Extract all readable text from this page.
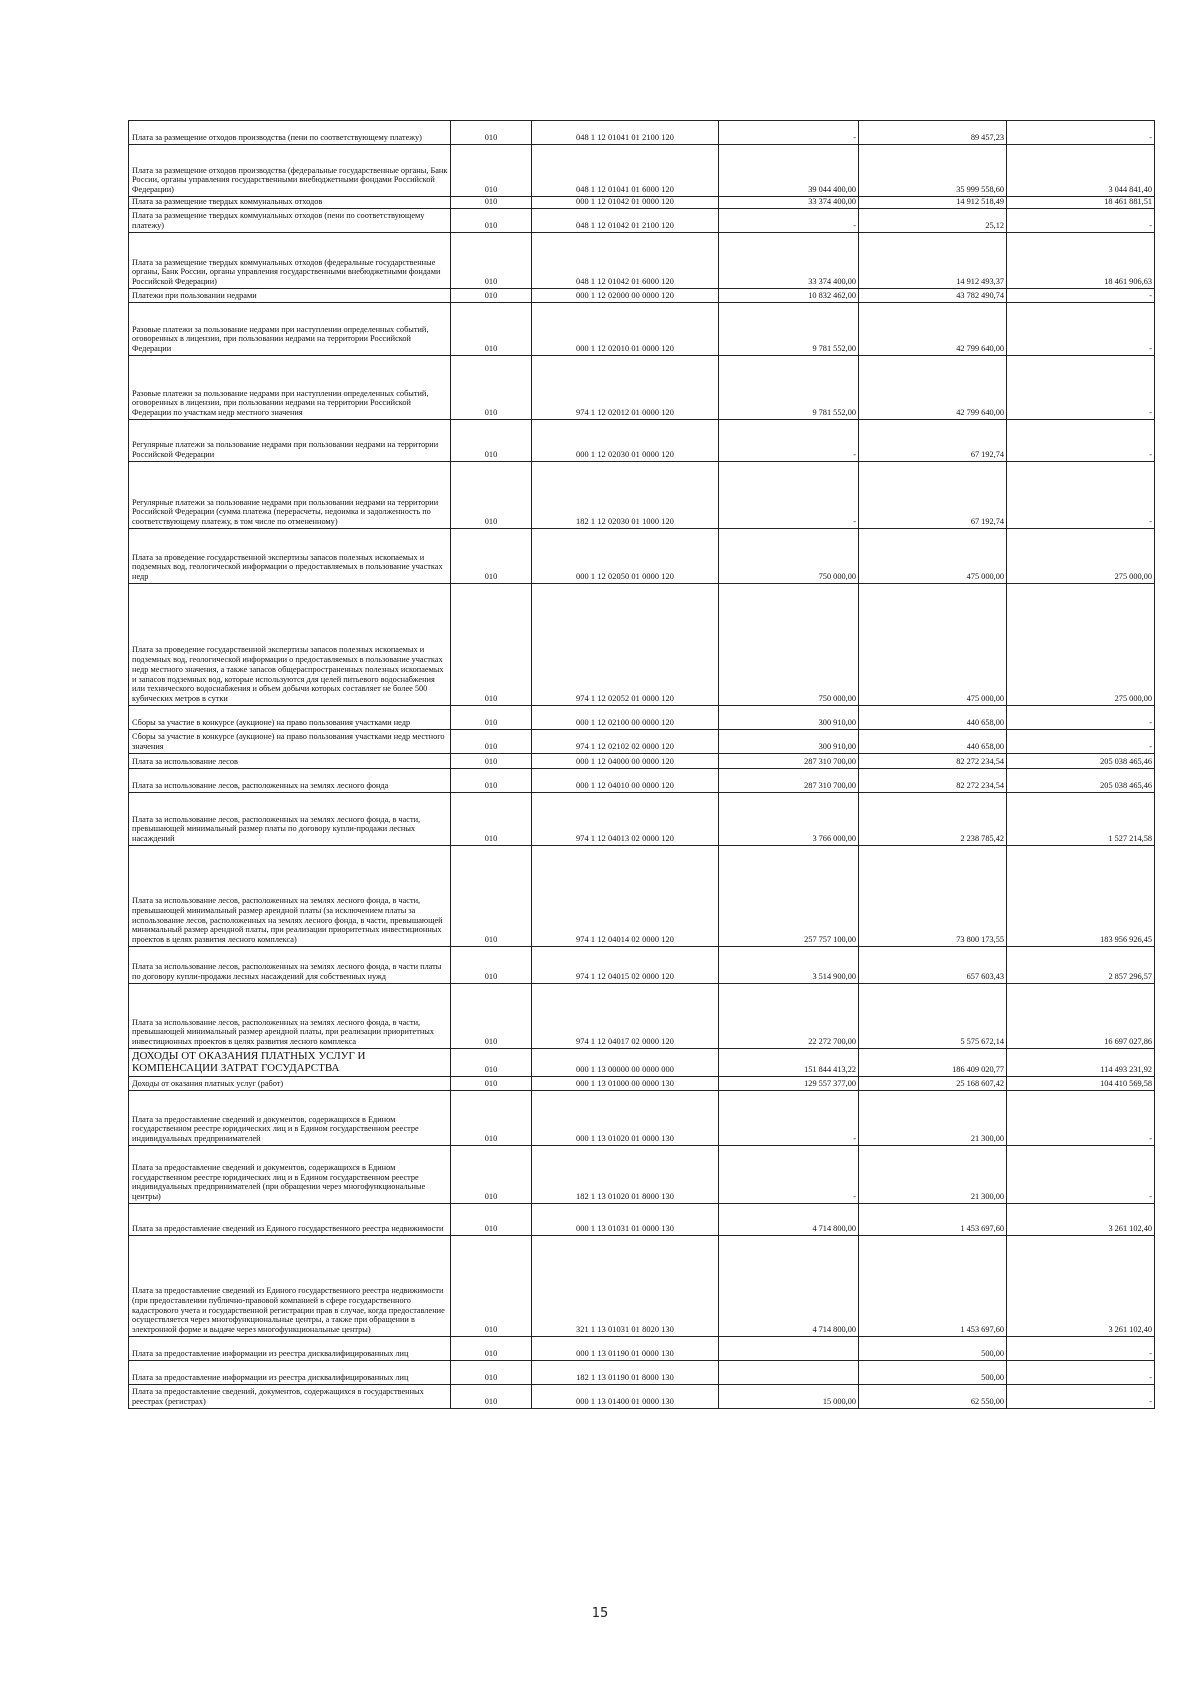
Плата за размещение отходов производства (пени по соответствующему платежу)	010	048 1 12 01041 01 2100 120	-	89 457,23	-
Плата за размещение отходов производства (федеральные государственные органы, Банк России, органы управления государственными внебюджетными фондами Российской Федерации)	010	048 1 12 01041 01 6000 120	39 044 400,00	35 999 558,60	3 044 841,40
Плата за размещение твердых коммунальных отходов	010	000 1 12 01042 01 0000 120	33 374 400,00	14 912 518,49	18 461 881,51
Плата за размещение твердых коммунальных отходов (пени по соответствующему платежу)	010	048 1 12 01042 01 2100 120	-	25,12	-
Плата за размещение твердых коммунальных отходов (федеральные государственные органы, Банк России, органы управления государственными внебюджетными фондами Российской Федерации)	010	048 1 12 01042 01 6000 120	33 374 400,00	14 912 493,37	18 461 906,63
Платежи при пользовании недрами	010	000 1 12 02000 00 0000 120	10 832 462,00	43 782 490,74	-
Разовые платежи за пользование недрами при наступлении определенных событий, оговоренных в лицензии, при пользовании недрами на территории Российской Федерации	010	000 1 12 02010 01 0000 120	9 781 552,00	42 799 640,00	-
Разовые платежи за пользование недрами при наступлении определенных событий, оговоренных в лицензии, при пользовании недрами на территории Российской Федерации по участкам недр местного значения	010	974 1 12 02012 01 0000 120	9 781 552,00	42 799 640,00	-
Регулярные платежи за пользование недрами при пользовании недрами на территории Российской Федерации	010	000 1 12 02030 01 0000 120	-	67 192,74	-
Регулярные платежи за пользование недрами при пользовании недрами на территории Российской Федерации (сумма платежа (перерасчеты, недоимка и задолженность по соответствующему платежу, в том числе по отмененному)	010	182 1 12 02030 01 1000 120	-	67 192,74	-
Плата за проведение государственной экспертизы запасов полезных ископаемых и подземных вод, геологической информации о предоставляемых в пользование участках недр	010	000 1 12 02050 01 0000 120	750 000,00	475 000,00	275 000,00
Плата за проведение государственной экспертизы запасов полезных ископаемых и подземных вод, геологической информации о предоставляемых в пользование участках недр местного значения, а также запасов общераспространенных полезных ископаемых и запасов подземных вод, которые используются для целей питьевого водоснабжения или технического водоснабжения и объем добычи которых составляет не более 500 кубических метров в сутки	010	974 1 12 02052 01 0000 120	750 000,00	475 000,00	275 000,00
Сборы за участие в конкурсе (аукционе) на право пользования участками недр	010	000 1 12 02100 00 0000 120	300 910,00	440 658,00	-
Сборы за участие в конкурсе (аукционе) на право пользования участками недр местного значения	010	974 1 12 02102 02 0000 120	300 910,00	440 658,00	-
Плата за использование лесов	010	000 1 12 04000 00 0000 120	287 310 700,00	82 272 234,54	205 038 465,46
Плата за использование лесов, расположенных на землях лесного фонда	010	000 1 12 04010 00 0000 120	287 310 700,00	82 272 234,54	205 038 465,46
Плата за использование лесов, расположенных на землях лесного фонда, в части, превышающей минимальный размер платы по договору купли-продажи лесных насаждений	010	974 1 12 04013 02 0000 120	3 766 000,00	2 238 785,42	1 527 214,58
Плата за использование лесов, расположенных на землях лесного фонда, в части, превышающей минимальный размер арендной платы (за исключением платы за использование лесов, расположенных на землях лесного фонда, в части, превышающей минимальный размер арендной платы, при реализации приоритетных инвестиционных проектов в целях развития лесного комплекса)	010	974 1 12 04014 02 0000 120	257 757 100,00	73 800 173,55	183 956 926,45
Плата за использование лесов, расположенных на землях лесного фонда, в части платы по договору купли-продажи лесных насаждений для собственных нужд	010	974 1 12 04015 02 0000 120	3 514 900,00	657 603,43	2 857 296,57
Плата за использование лесов, расположенных на землях лесного фонда, в части, превышающей минимальный размер арендной платы, при реализации приоритетных инвестиционных проектов в целях развития лесного комплекса	010	974 1 12 04017 02 0000 120	22 272 700,00	5 575 672,14	16 697 027,86
ДОХОДЫ ОТ ОКАЗАНИЯ ПЛАТНЫХ УСЛУГ И КОМПЕНСАЦИИ ЗАТРАТ ГОСУДАРСТВА	010	000 1 13 00000 00 0000 000	151 844 413,22	186 409 020,77	114 493 231,92
Доходы от оказания платных услуг (работ)	010	000 1 13 01000 00 0000 130	129 557 377,00	25 168 607,42	104 410 569,58
Плата за предоставление сведений и документов, содержащихся в Едином государственном реестре юридических лиц и в Едином государственном реестре индивидуальных предпринимателей	010	000 1 13 01020 01 0000 130	-	21 300,00	-
Плата за предоставление сведений и документов, содержащихся в Едином государственном реестре юридических лиц и в Едином государственном реестре индивидуальных предпринимателей (при обращении через многофункциональные центры)	010	182 1 13 01020 01 8000 130	-	21 300,00	-
Плата за предоставление сведений из Единого государственного реестра недвижимости	010	000 1 13 01031 01 0000 130	4 714 800,00	1 453 697,60	3 261 102,40
Плата за предоставление сведений из Единого государственного реестра недвижимости (при предоставлении публично-правовой компанией в сфере государственного кадастрового учета и государственной регистрации прав в случае, когда предоставление осуществляется через многофункциональные центры, а также при обращении в электронной форме и выдаче через многофункциональные центры)	010	321 1 13 01031 01 8020 130	4 714 800,00	1 453 697,60	3 261 102,40
Плата за предоставление информации из реестра дисквалифицированных лиц	010	000 1 13 01190 01 0000 130		500,00	-
Плата за предоставление информации из реестра дисквалифицированных лиц	010	182 1 13 01190 01 8000 130		500,00	-
Плата за предоставление сведений, документов, содержащихся в государственных реестрах (регистрах)	010	000 1 13 01400 01 0000 130	15 000,00	62 550,00	-
15
